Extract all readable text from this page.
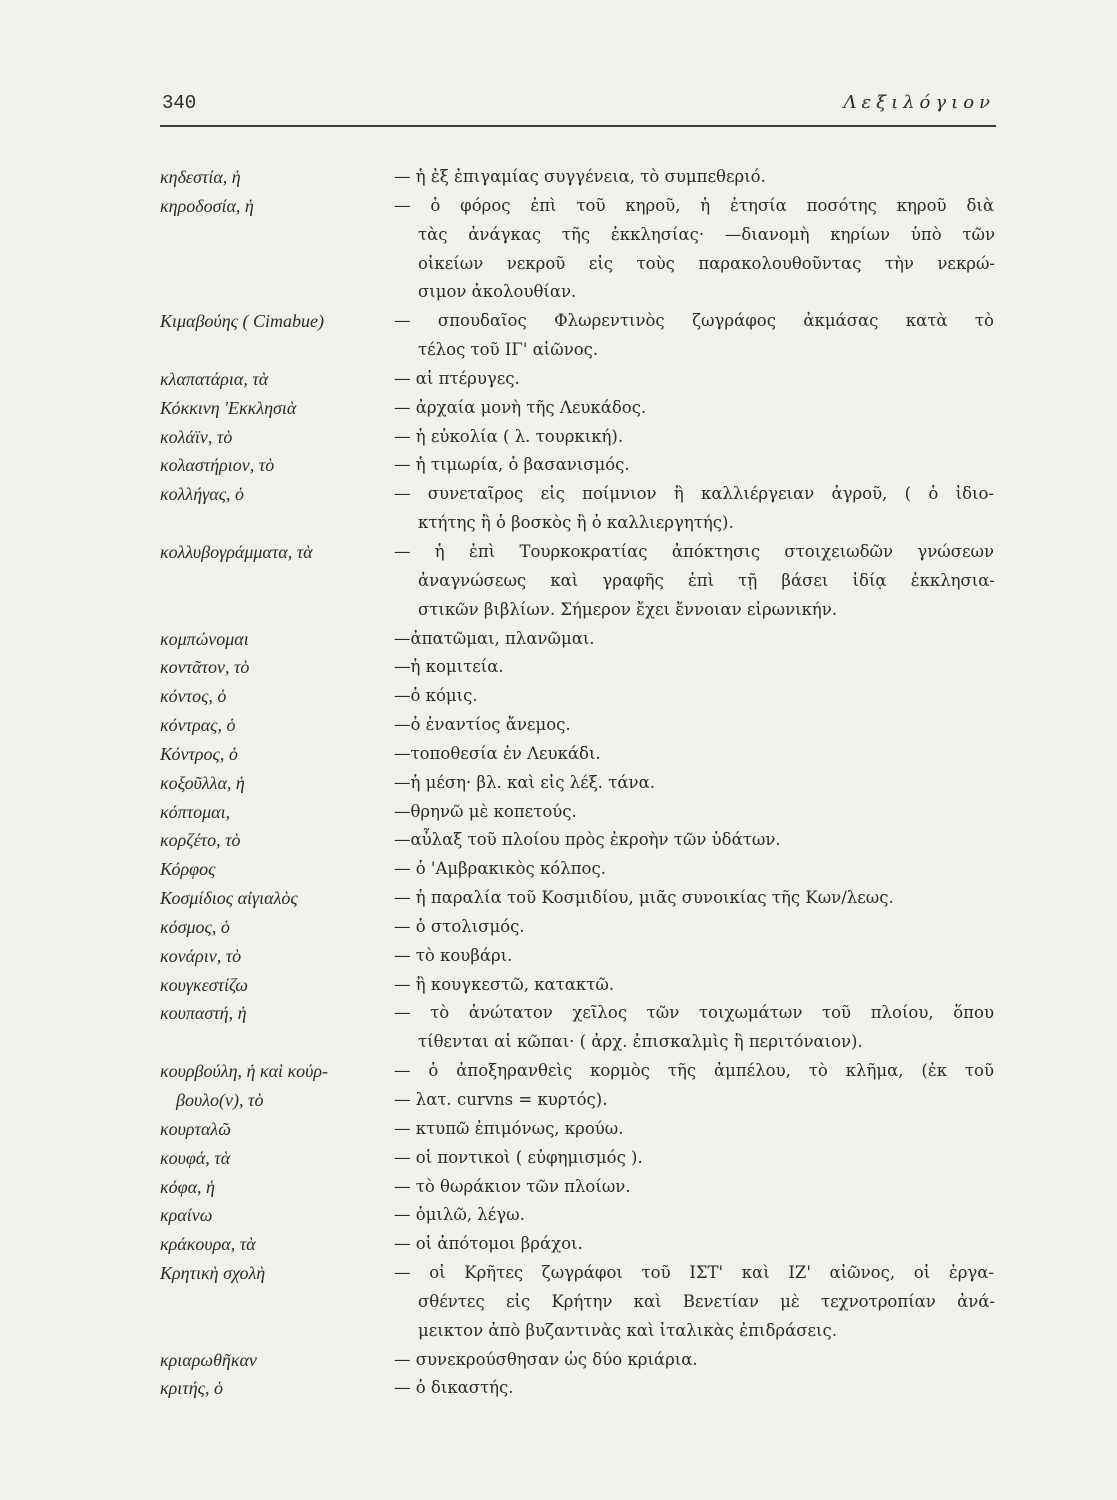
340	Λεξιλόγιον
κηδεστία, ἡ	— ἡ ἐξ ἐπιγαμίας συγγένεια, τὸ συμπεθεριό.
κηροδοσία, ἡ	— ὁ φόρος ἐπὶ τοῦ κηροῦ, ἡ ἐτησία ποσότης κηροῦ διὰ
τὰς ἀνάγκας τῆς ἐκκλησίας· —διανομὴ κηρίων ὑπὸ τῶν
οἰκείων νεκροῦ εἰς τοὺς παρακολουθοῦντας τὴν νεκρώ-
σιμον ἀκολουθίαν.
Κιμαβούης ( Cimabue)	— σπουδαῖος Φλωρεντινὸς ζωγράφος ἀκμάσας κατὰ τὸ
τέλος τοῦ ΙΓ' αἰῶνος.
κλαπατάρια, τὰ	— αἱ πτέρυγες.
Κόκκινη 'Εκκλησιὰ	— ἀρχαία μονὴ τῆς Λευκάδος.
κολάϊν, τὸ	— ἡ εὐκολία ( λ. τουρκική).
κολαστήριον, τὸ	— ἡ τιμωρία, ὁ βασανισμός.
κολλήγας, ὁ	— συνεταῖρος εἰς ποίμνιον ἢ καλλιέργειαν ἀγροῦ, ( ὁ ἰδιο-
κτήτης ἢ ὁ βοσκὸς ἢ ὁ καλλιεργητής).
κολλυβογράμματα, τὰ	— ἡ ἐπὶ Τουρκοκρατίας ἀπόκτησις στοιχειωδῶν γνώσεων
ἀναγνώσεως καὶ γραφῆς ἐπὶ τῇ βάσει ἰδίᾳ ἐκκλησια-
στικῶν βιβλίων. Σήμερον ἔχει ἔννοιαν εἰρωνικήν.
κομπώνομαι	—ἀπατῶμαι, πλανῶμαι.
κοντᾶτον, τὸ	—ἡ κομιτεία.
κόντος, ὁ	—ὁ κόμις.
κόντρας, ὁ	—ὁ ἐναντίος ἄνεμος.
Κόντρος, ὁ	—τοποθεσία ἐν Λευκάδι.
κοξοῦλλα, ἡ	—ἡ μέση· βλ. καὶ εἰς λέξ. τάνα.
κόπτομαι,	—θρηνῶ μὲ κοπετούς.
κορζέτο, τὸ	—αὖλαξ τοῦ πλοίου πρὸς ἐκροὴν τῶν ὑδάτων.
Κόρφος	— ὁ 'Αμβρακικὸς κόλπος.
Κοσμίδιος αἰγιαλὸς	— ἡ παραλία τοῦ Κοσμιδίου, μιᾶς συνοικίας τῆς Κων/λεως.
κόσμος, ὁ	— ὁ στολισμός.
κονάριν, τὸ	— τὸ κουβάρι.
κουγκεστίζω	— ἢ κουγκεστῶ, κατακτῶ.
κουπαστή, ἡ	— τὸ ἀνώτατον χεῖλος τῶν τοιχωμάτων τοῦ πλοίου, ὅπου
τίθενται αἱ κῶπαι· ( ἀρχ. ἐπισκαλμὶς ἢ περιτόναιον).
κουρβούλη, ἡ καὶ κούρ-	— ὁ ἀποξηρανθεὶς κορμὸς τῆς ἀμπέλου, τὸ κλῆμα, (ἐκ τοῦ
βουλο(ν), τὸ	— λατ. curvns = κυρτός).
κουρταλῶ	— κτυπῶ ἐπιμόνως, κρούω.
κουφά, τὰ	— οἱ ποντικοὶ ( εὐφημισμός ).
κόφα, ἡ	— τὸ θωράκιον τῶν πλοίων.
κραίνω	— ὁμιλῶ, λέγω.
κράκουρα, τὰ	— οἱ ἀπότομοι βράχοι.
Κρητικὴ σχολὴ	— οἱ Κρῆτες ζωγράφοι τοῦ ΙΣΤ' καὶ ΙΖ' αἰῶνος, οἱ ἐργα-
σθέντες εἰς Κρήτην καὶ Βενετίαν μὲ τεχνοτροπίαν ἀνά-
μεικτον ἀπὸ βυζαντινὰς καὶ ἰταλικὰς ἐπιδράσεις.
κριαρωθῆκαν	— συνεκρούσθησαν ὡς δύο κριάρια.
κριτής, ὁ	— ὁ δικαστής.
